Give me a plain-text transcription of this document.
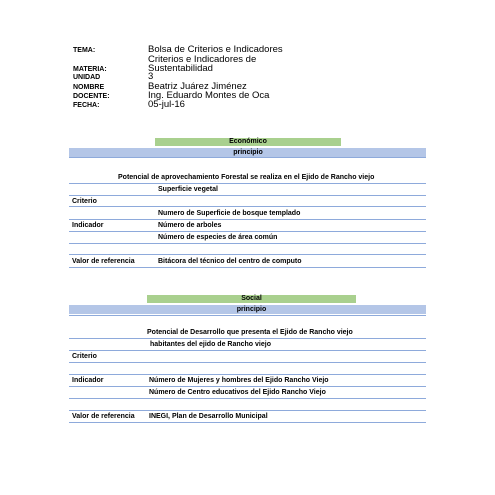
TEMA:	Bolsa de Criterios e Indicadores
Criterios e Indicadores de
MATERIA:	Sustentabilidad
UNIDAD	3
NOMBRE	Beatriz Juárez Jiménez
DOCENTE:	Ing. Eduardo Montes de Oca
FECHA:	05-jul-16
Económico
principio
Potencial de aprovechamiento Forestal se realiza en el Ejido de Rancho viejo
Superficie vegetal
Criterio
Numero de Superficie de bosque templado
Indicador	Número de arboles
Número de especies de área común
Valor de referencia	Bitácora del técnico del centro de computo
Social
principio
Potencial de Desarrollo que presenta el Ejido de Rancho viejo
habitantes del ejido de Rancho viejo
Criterio
Indicador	Número de Mujeres y hombres del Ejido Rancho Viejo
Número de Centro educativos del Ejido Rancho Viejo
Valor de referencia INEGI, Plan de Desarrollo Municipal
